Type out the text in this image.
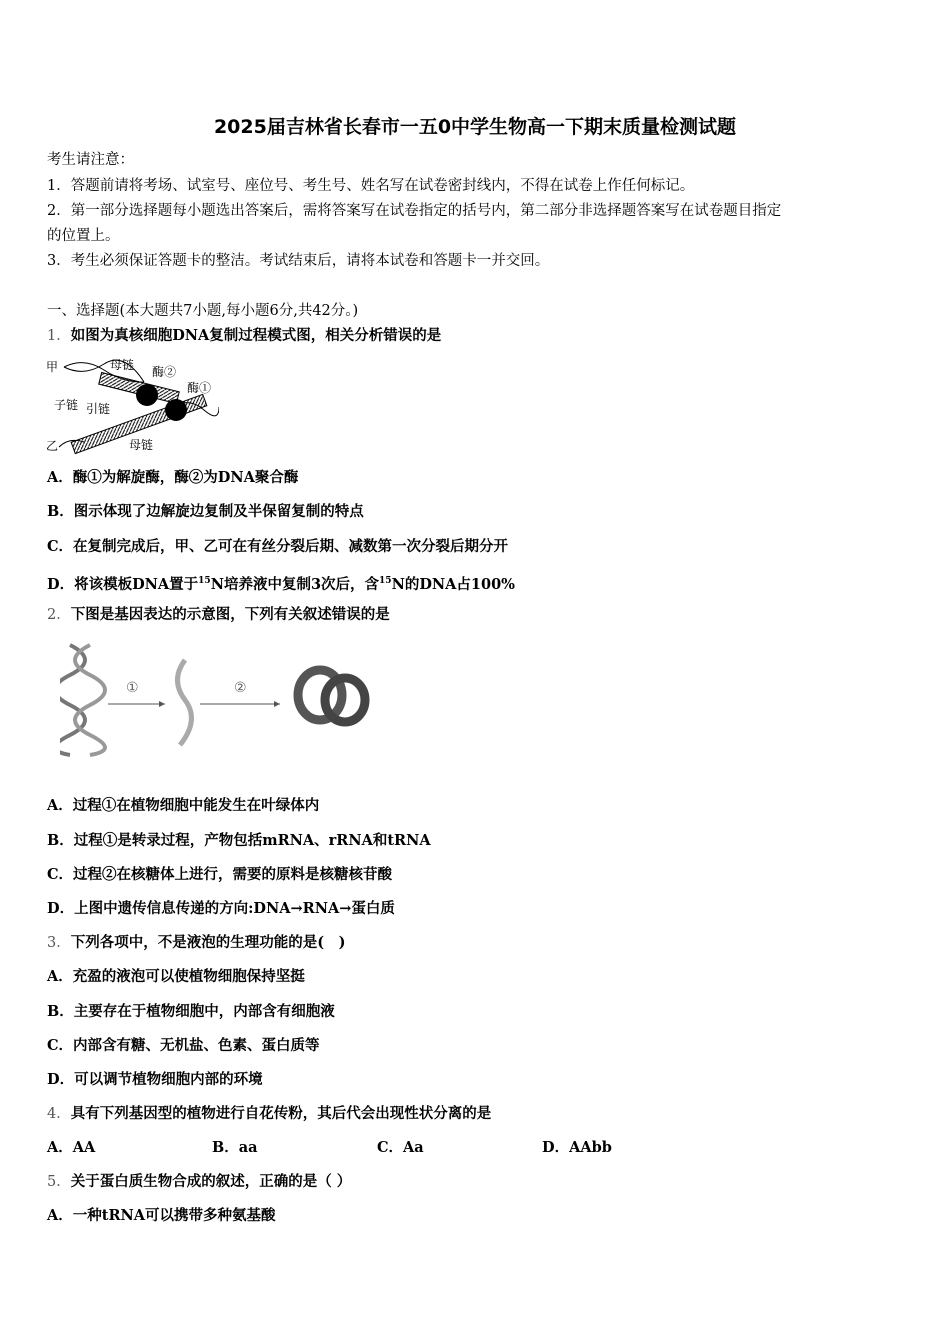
2025届吉林省长春市一五0中学生物高一下期末质量检测试题
考生请注意：
1．答题前请将考场、试室号、座位号、考生号、姓名写在试卷密封线内，不得在试卷上作任何标记。
2．第一部分选择题每小题选出答案后，需将答案写在试卷指定的括号内，第二部分非选择题答案写在试卷题目指定
的位置上。
3．考生必须保证答题卡的整洁。考试结束后，请将本试卷和答题卡一并交回。
一、选择题(本大题共7小题,每小题6分,共42分。)
1．如图为真核细胞DNA复制过程模式图，相关分析错误的是
甲
乙
母链
母链
子链 引链
酶②
酶①
A．酶①为解旋酶，酶②为DNA聚合酶
B．图示体现了边解旋边复制及半保留复制的特点
C．在复制完成后，甲、乙可在有丝分裂后期、减数第一次分裂后期分开
D．将该模板DNA置于$^{15}$N培养液中复制3次后，含$^{15}$N的DNA占100%
2．下图是基因表达的示意图，下列有关叙述错误的是
①	②
A．过程①在植物细胞中能发生在叶绿体内
B．过程①是转录过程，产物包括mRNA、rRNA和tRNA
C．过程②在核糖体上进行，需要的原料是核糖核苷酸
D．上图中遗传信息传递的方向:DNA→RNA→蛋白质
3．下列各项中，不是液泡的生理功能的是(　)
A．充盈的液泡可以使植物细胞保持坚挺
B．主要存在于植物细胞中，内部含有细胞液
C．内部含有糖、无机盐、色素、蛋白质等
D．可以调节植物细胞内部的环境
4．具有下列基因型的植物进行自花传粉，其后代会出现性状分离的是
A．AA	B．aa	C．Aa	D．AAbb
5．关于蛋白质生物合成的叙述，正确的是（ ）
A．一种tRNA可以携带多种氨基酸
